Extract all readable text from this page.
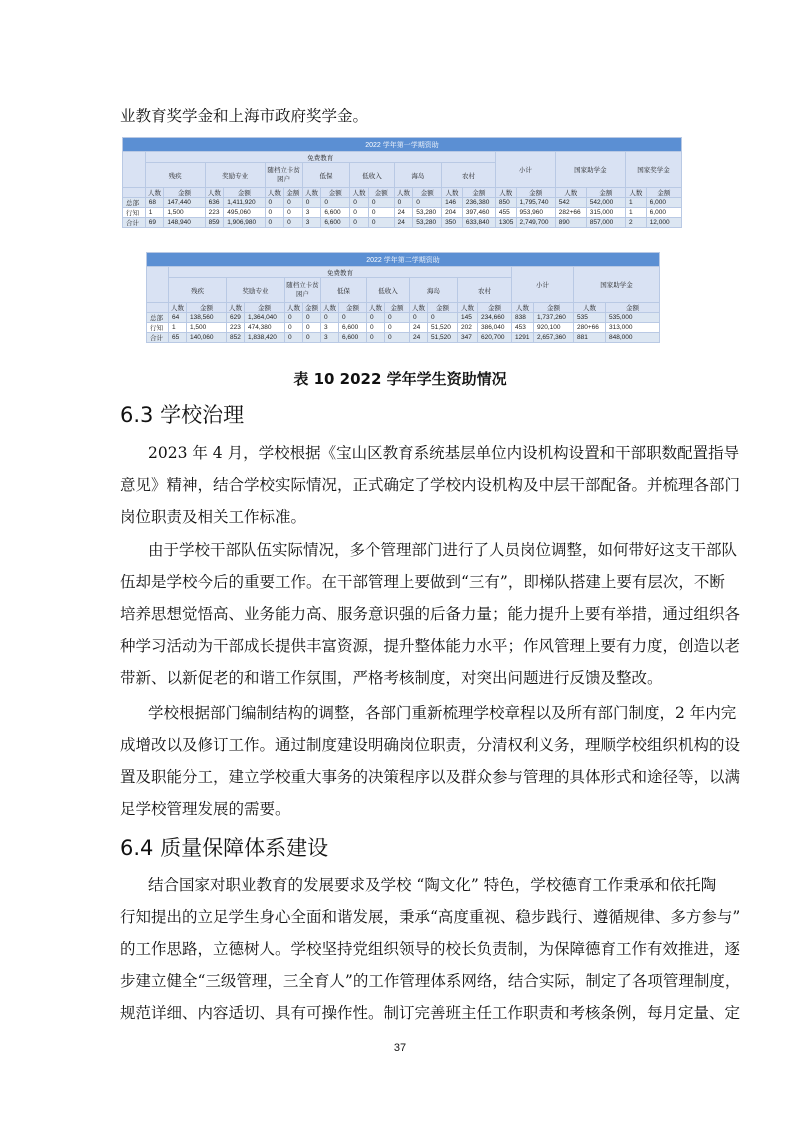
业教育奖学金和上海市政府奖学金。
2022 学年第一学期资助																				
	免费教育														小计		国家助学金		国家奖学金	
	残疾		奖励专业		随档立卡贫困户		低保		低收入		海岛		农村							

	人数	金额	人数	金额	人数	金额	人数	金额	人数	金额	人数	金额	人数	金额	人数	金额	人数	金额	人数	金额
总部	68	147,440	636	1,411,920	0	0	0	0	0	0	0	0	146	236,380	850	1,795,740	542	542,000	1	6,000
行知	1	1,500	223	495,060	0	0	3	6,600	0	0	24	53,280	204	397,460	455	953,960	282+66	315,000	1	6,000
合计	69	148,940	859	1,906,980	0	0	3	6,600	0	0	24	53,280	350	633,840	1305	2,749,700	890	857,000	2	12,000
2022 学年第二学期资助																		
	免费教育														小计		国家助学金	
	残疾		奖励专业		随档立卡贫困户		低保		低收入		海岛		农村					
	人数	金额	人数	金额	人数	金额	人数	金额	人数	金额	人数	金额	人数	金额	人数	金额	人数	金额
总部	64	138,560	629	1,364,040	0	0	0	0	0	0	0	0	145	234,660	838	1,737,260	535	535,000
行知	1	1,500	223	474,380	0	0	3	6,600	0	0	24	51,520	202	386,040	453	920,100	280+66	313,000
合计	65	140,060	852	1,838,420	0	0	3	6,600	0	0	24	51,520	347	620,700	1291	2,657,360	881	848,000
表 10 2022 学年学生资助情况
6.3 学校治理
2023 年 4 月，学校根据《宝山区教育系统基层单位内设机构设置和干部职数配置指导
意见》精神，结合学校实际情况，正式确定了学校内设机构及中层干部配备。并梳理各部门
岗位职责及相关工作标准。
由于学校干部队伍实际情况，多个管理部门进行了人员岗位调整，如何带好这支干部队
伍却是学校今后的重要工作。在干部管理上要做到“三有”，即梯队搭建上要有层次，不断
培养思想觉悟高、业务能力高、服务意识强的后备力量；能力提升上要有举措，通过组织各
种学习活动为干部成长提供丰富资源，提升整体能力水平；作风管理上要有力度，创造以老
带新、以新促老的和谐工作氛围，严格考核制度，对突出问题进行反馈及整改。
学校根据部门编制结构的调整，各部门重新梳理学校章程以及所有部门制度，2 年内完
成增改以及修订工作。通过制度建设明确岗位职责，分清权利义务，理顺学校组织机构的设
置及职能分工，建立学校重大事务的决策程序以及群众参与管理的具体形式和途径等，以满
足学校管理发展的需要。
6.4 质量保障体系建设
结合国家对职业教育的发展要求及学校 “陶文化” 特色，学校德育工作秉承和依托陶
行知提出的立足学生身心全面和谐发展，秉承“高度重视、稳步践行、遵循规律、多方参与”
的工作思路，立德树人。学校坚持党组织领导的校长负责制，为保障德育工作有效推进，逐
步建立健全“三级管理，三全育人”的工作管理体系网络，结合实际，制定了各项管理制度，
规范详细、内容适切、具有可操作性。制订完善班主任工作职责和考核条例，每月定量、定
37
